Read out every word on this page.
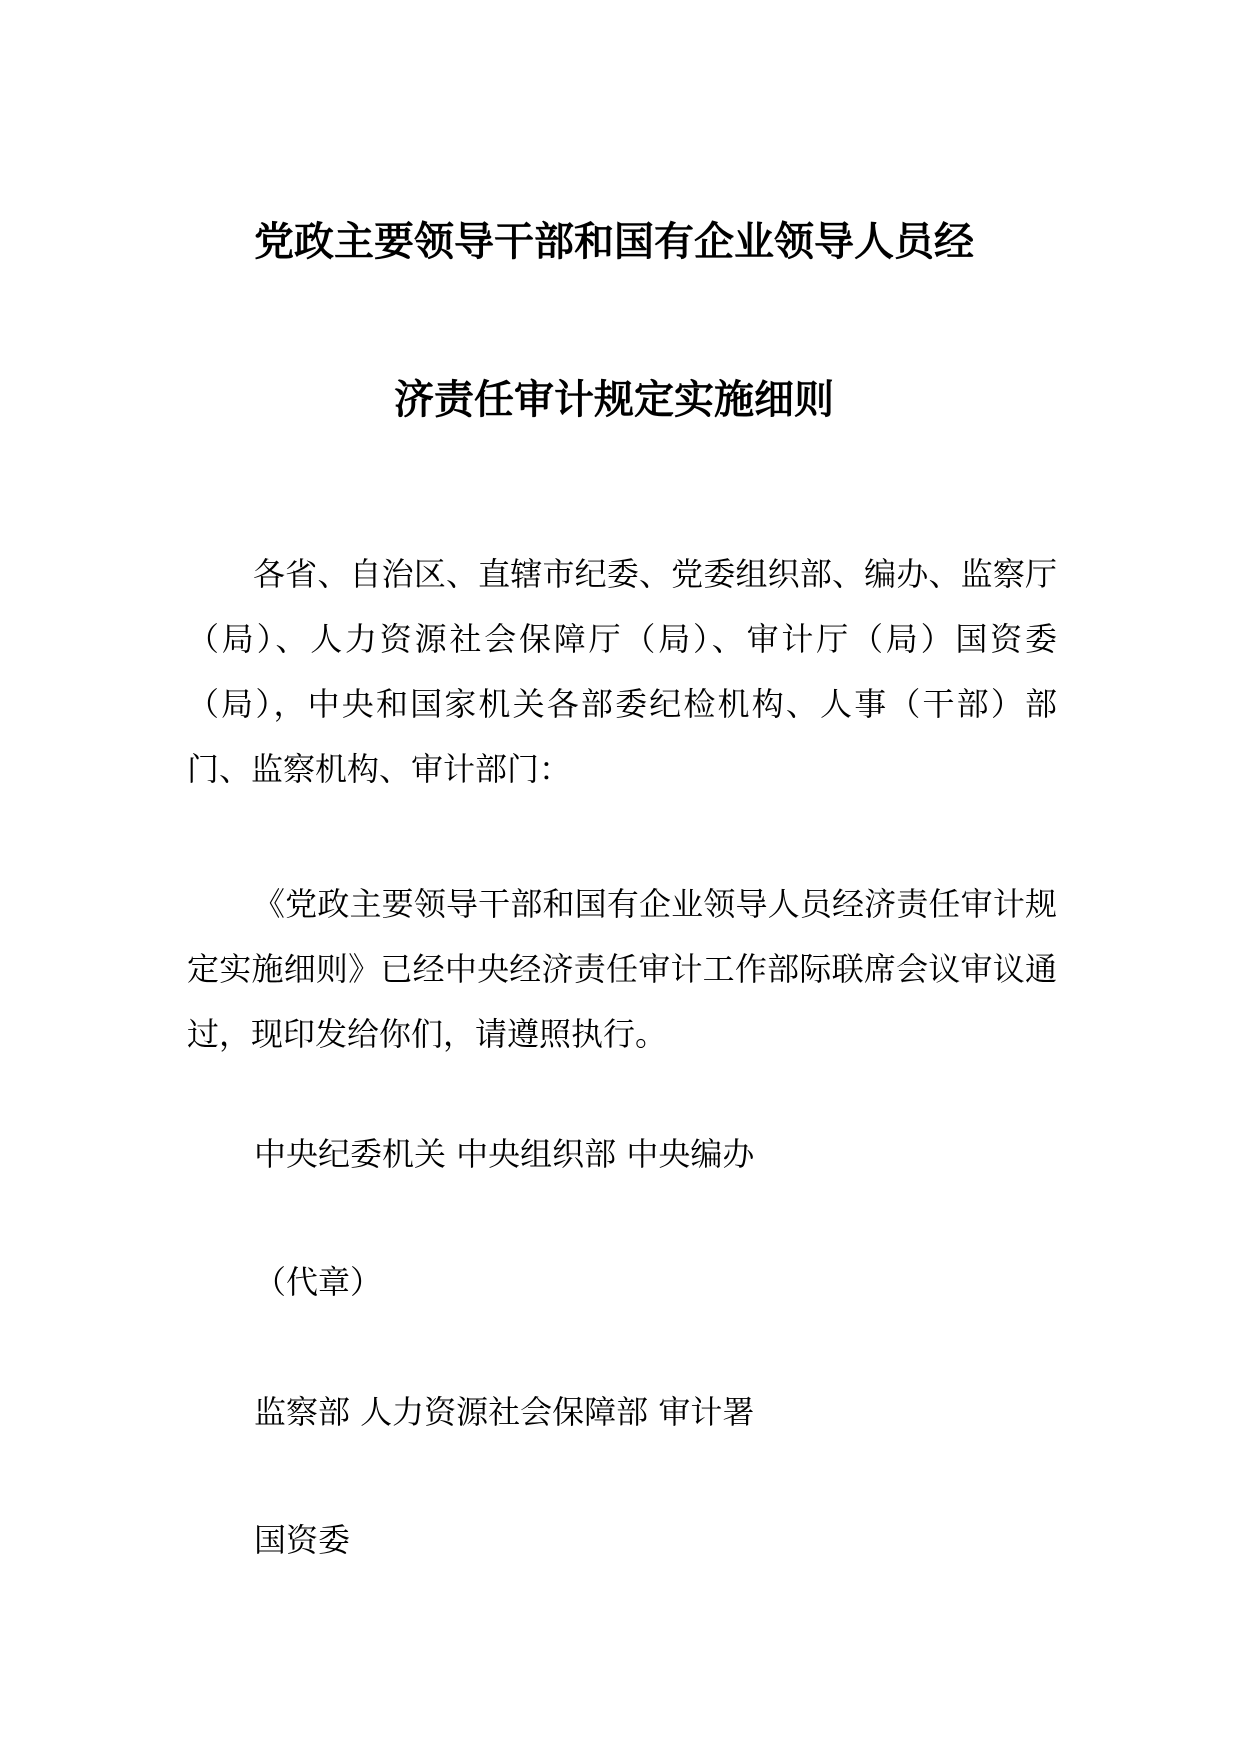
党政主要领导干部和国有企业领导人员经
济责任审计规定实施细则
各省、自治区、直辖市纪委、党委组织部、编办、监察厅（局）、人力资源社会保障厅（局）、审计厅（局）国资委（局），中央和国家机关各部委纪检机构、人事（干部）部门、监察机构、审计部门：
《党政主要领导干部和国有企业领导人员经济责任审计规定实施细则》已经中央经济责任审计工作部际联席会议审议通过，现印发给你们，请遵照执行。
中央纪委机关 中央组织部 中央编办
（代章）
监察部 人力资源社会保障部 审计署
国资委
